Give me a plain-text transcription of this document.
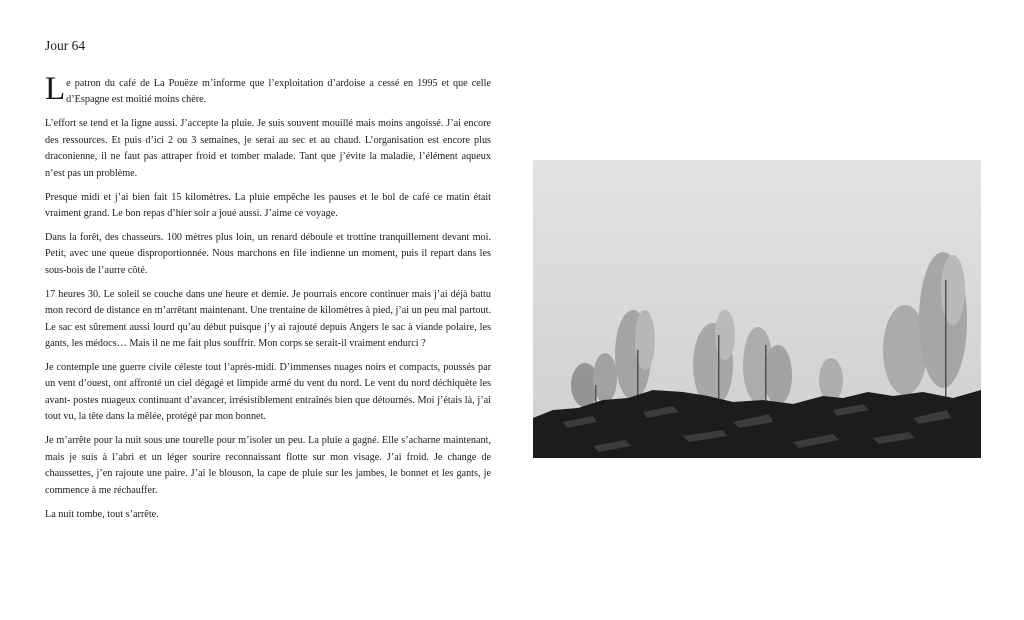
Jour 64

Le patron du café de La Pouëze m’informe que l’exploitation d’ardoise a cessé en 1995 et que celle d’Espagne est moitié moins chère.

L’effort se tend et la ligne aussi. J’accepte la pluie. Je suis souvent mouillé mais moins angoissé. J’ai encore des ressources. Et puis d’ici 2 ou 3 semaines, je serai au sec et au chaud. L’organisation est encore plus draconienne, il ne faut pas attraper froid et tomber malade. Tant que j’évite la maladie, l’élément aqueux n’est pas un problème.

Presque midi et j’ai bien fait 15 kilomètres. La pluie empêche les pauses et le bol de café ce matin était vraiment grand. Le bon repas d’hier soir a joué aussi. J’aime ce voyage.

Dans la forêt, des chasseurs. 100 mètres plus loin, un renard déboule et trottine tranquillement devant moi. Petit, avec une queue disproportionnée. Nous marchons en file indienne un moment, puis il repart dans les sous-bois de l’aurre côté.

17 heures 30. Le soleil se couche dans une heure et demie. Je pourrais encore continuer mais j’ai déjà battu mon record de distance en m’arrêtant maintenant. Une trentaine de kilomètres à pied, j’ai un peu mal partout. Le sac est sûrement aussi lourd qu’au début puisque j’y ai rajouté depuis Angers le sac à viande polaire, les gants, les médocs… Mais il ne me fait plus souffrir. Mon corps se serait-il vraiment endurci ?

Je contemple une guerre civile céleste tout l’après-midi. D’immenses nuages noirs et compacts, poussés par un vent d’ouest, ont affronté un ciel dégagé et limpide armé du vent du nord. Le vent du nord déchiquète les avant- postes nuageux continuant d’avancer, irrésistiblement entraînés bien que détournés. Moi j’étais là, j’ai tout vu, la tête dans la mêlée, protégé par mon bonnet.

Je m’arrête pour la nuit sous une tourelle pour m’isoler un peu. La pluie a gagné. Elle s’acharne maintenant, mais je suis à l’abri et un léger sourire reconnaissant flotte sur mon visage. J’ai froid. Je change de chaussettes, j’en rajoute une paire. J’ai le blouson, la cape de pluie sur les jambes, le bonnet et les gants, je commence à me réchauffer.

La nuit tombe, tout s’arrête.
